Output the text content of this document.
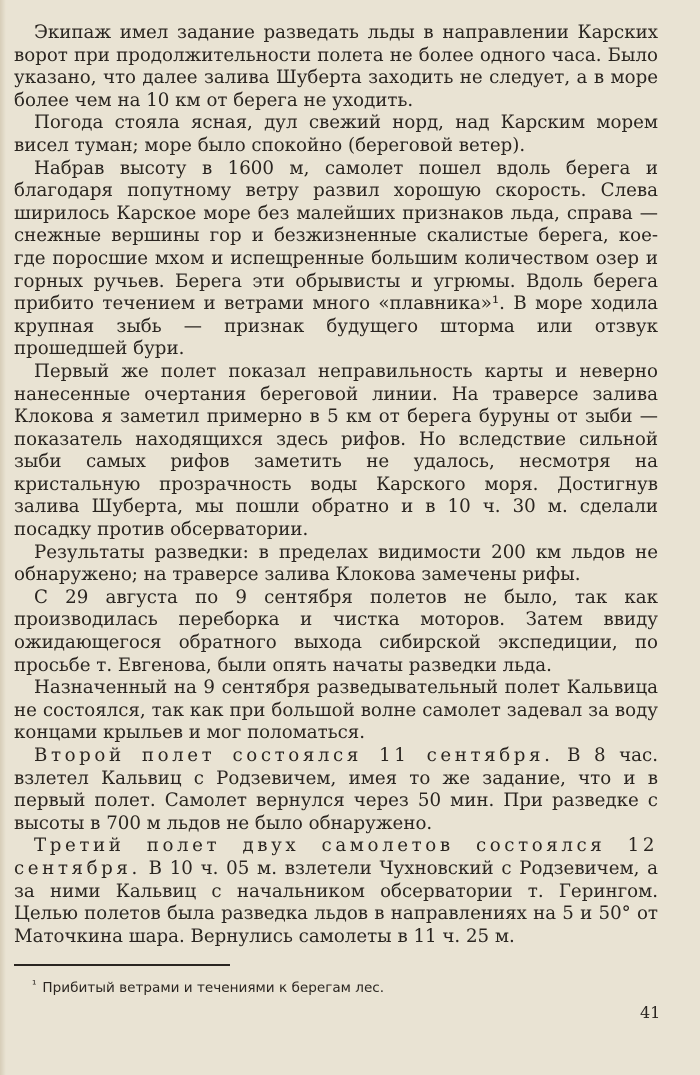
Экипаж имел задание разведать льды в направлении Карских ворот при продолжительности полета не более одного часа. Было указано, что далее залива Шуберта заходить не следует, а в море более чем на 10 км от берега не уходить.

Погода стояла ясная, дул свежий норд, над Карским морем висел туман; море было спокойно (береговой ветер).

Набрав высоту в 1600 м, самолет пошел вдоль берега и благодаря попутному ветру развил хорошую скорость. Слева ширилось Карское море без малейших признаков льда, справа — снежные вершины гор и безжизненные скалистые берега, кое-где поросшие мхом и испещренные большим количеством озер и горных ручьев. Берега эти обрывисты и угрюмы. Вдоль берега прибито течением и ветрами много «плавника»¹. В море ходила крупная зыбь — признак будущего шторма или отзвук прошедшей бури.

Первый же полет показал неправильность карты и неверно нанесенные очертания береговой линии. На траверсе залива Клокова я заметил примерно в 5 км от берега буруны от зыби — показатель находящихся здесь рифов. Но вследствие сильной зыби самых рифов заметить не удалось, несмотря на кристальную прозрачность воды Карского моря. Достигнув залива Шуберта, мы пошли обратно и в 10 ч. 30 м. сделали посадку против обсерватории.

Результаты разведки: в пределах видимости 200 км льдов не обнаружено; на траверсе залива Клокова замечены рифы.

С 29 августа по 9 сентября полетов не было, так как производилась переборка и чистка моторов. Затем ввиду ожидающегося обратного выхода сибирской экспедиции, по просьбе т. Евгенова, были опять начаты разведки льда.

Назначенный на 9 сентября разведывательный полет Кальвица не состоялся, так как при большой волне самолет задевал за воду концами крыльев и мог поломаться.

Второй полет состоялся 11 сентября. В 8 час. взлетел Кальвиц с Родзевичем, имея то же задание, что и в первый полет. Самолет вернулся через 50 мин. При разведке с высоты в 700 м льдов не было обнаружено.

Третий полет двух самолетов состоялся 12 сентября. В 10 ч. 05 м. взлетели Чухновский с Родзевичем, а за ними Кальвиц с начальником обсерватории т. Герингом. Целью полетов была разведка льдов в направлениях на 5 и 50° от Маточкина шара. Вернулись самолеты в 11 ч. 25 м.

$^{^1}$ Прибитый ветрами и течениями к берегам лес.
41
